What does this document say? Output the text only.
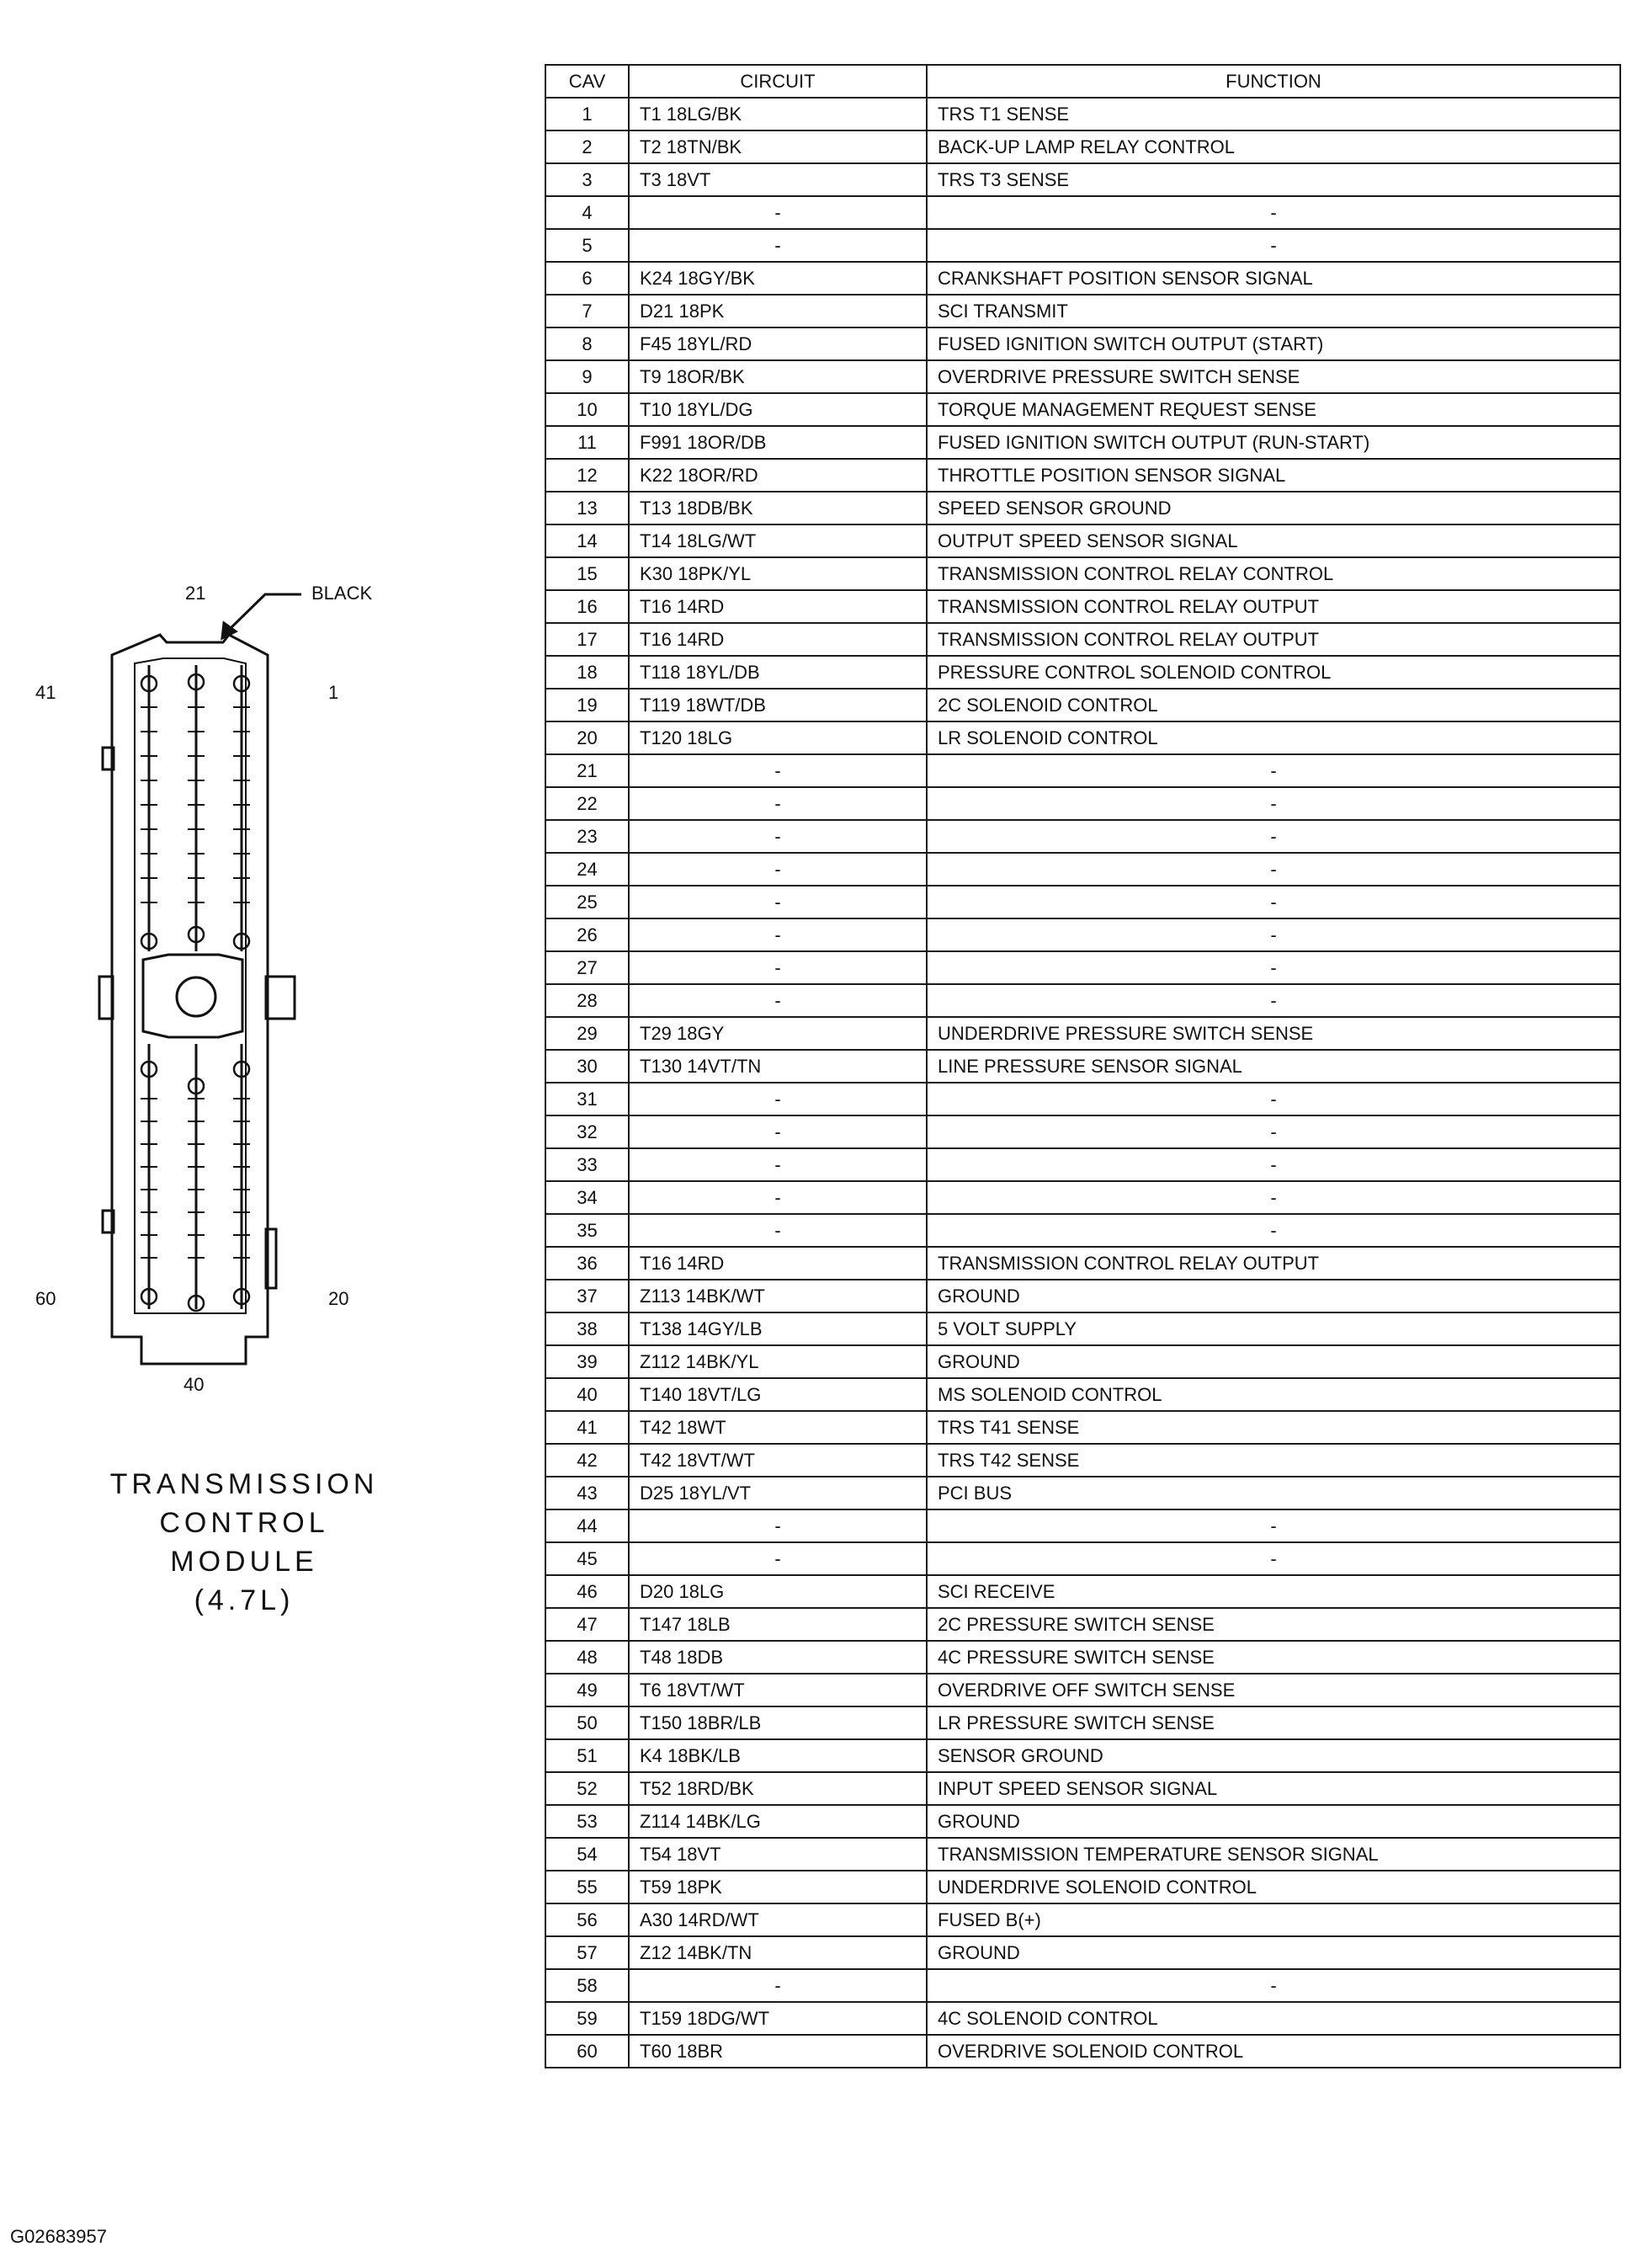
21	BLACK
41	1
60	20
40
TRANSMISSION
CONTROL
MODULE
(4.7L)
CAV	CIRCUIT	FUNCTION
1	T1 18LG/BK	TRS T1 SENSE
2	T2 18TN/BK	BACK-UP LAMP RELAY CONTROL
3	T3 18VT	TRS T3 SENSE
4	-	-
5	-	-
6	K24 18GY/BK	CRANKSHAFT POSITION SENSOR SIGNAL
7	D21 18PK	SCI TRANSMIT
8	F45 18YL/RD	FUSED IGNITION SWITCH OUTPUT (START)
9	T9 18OR/BK	OVERDRIVE PRESSURE SWITCH SENSE
10	T10 18YL/DG	TORQUE MANAGEMENT REQUEST SENSE
11	F991 18OR/DB	FUSED IGNITION SWITCH OUTPUT (RUN-START)
12	K22 18OR/RD	THROTTLE POSITION SENSOR SIGNAL
13	T13 18DB/BK	SPEED SENSOR GROUND
14	T14 18LG/WT	OUTPUT SPEED SENSOR SIGNAL
15	K30 18PK/YL	TRANSMISSION CONTROL RELAY CONTROL
16	T16 14RD	TRANSMISSION CONTROL RELAY OUTPUT
17	T16 14RD	TRANSMISSION CONTROL RELAY OUTPUT
18	T118 18YL/DB	PRESSURE CONTROL SOLENOID CONTROL
19	T119 18WT/DB	2C SOLENOID CONTROL
20	T120 18LG	LR SOLENOID CONTROL
21	-	-
22	-	-
23	-	-
24	-	-
25	-	-
26	-	-
27	-	-
28	-	-
29	T29 18GY	UNDERDRIVE PRESSURE SWITCH SENSE
30	T130 14VT/TN	LINE PRESSURE SENSOR SIGNAL
31	-	-
32	-	-
33	-	-
34	-	-
35	-	-
36	T16 14RD	TRANSMISSION CONTROL RELAY OUTPUT
37	Z113 14BK/WT	GROUND
38	T138 14GY/LB	5 VOLT SUPPLY
39	Z112 14BK/YL	GROUND
40	T140 18VT/LG	MS SOLENOID CONTROL
41	T42 18WT	TRS T41 SENSE
42	T42 18VT/WT	TRS T42 SENSE
43	D25 18YL/VT	PCI BUS
44	-	-
45	-	-
46	D20 18LG	SCI RECEIVE
47	T147 18LB	2C PRESSURE SWITCH SENSE
48	T48 18DB	4C PRESSURE SWITCH SENSE
49	T6 18VT/WT	OVERDRIVE OFF SWITCH SENSE
50	T150 18BR/LB	LR PRESSURE SWITCH SENSE
51	K4 18BK/LB	SENSOR GROUND
52	T52 18RD/BK	INPUT SPEED SENSOR SIGNAL
53	Z114 14BK/LG	GROUND
54	T54 18VT	TRANSMISSION TEMPERATURE SENSOR SIGNAL
55	T59 18PK	UNDERDRIVE SOLENOID CONTROL
56	A30 14RD/WT	FUSED B(+)
57	Z12 14BK/TN	GROUND
58	-	-
59	T159 18DG/WT	4C SOLENOID CONTROL
60	T60 18BR	OVERDRIVE SOLENOID CONTROL
G02683957
